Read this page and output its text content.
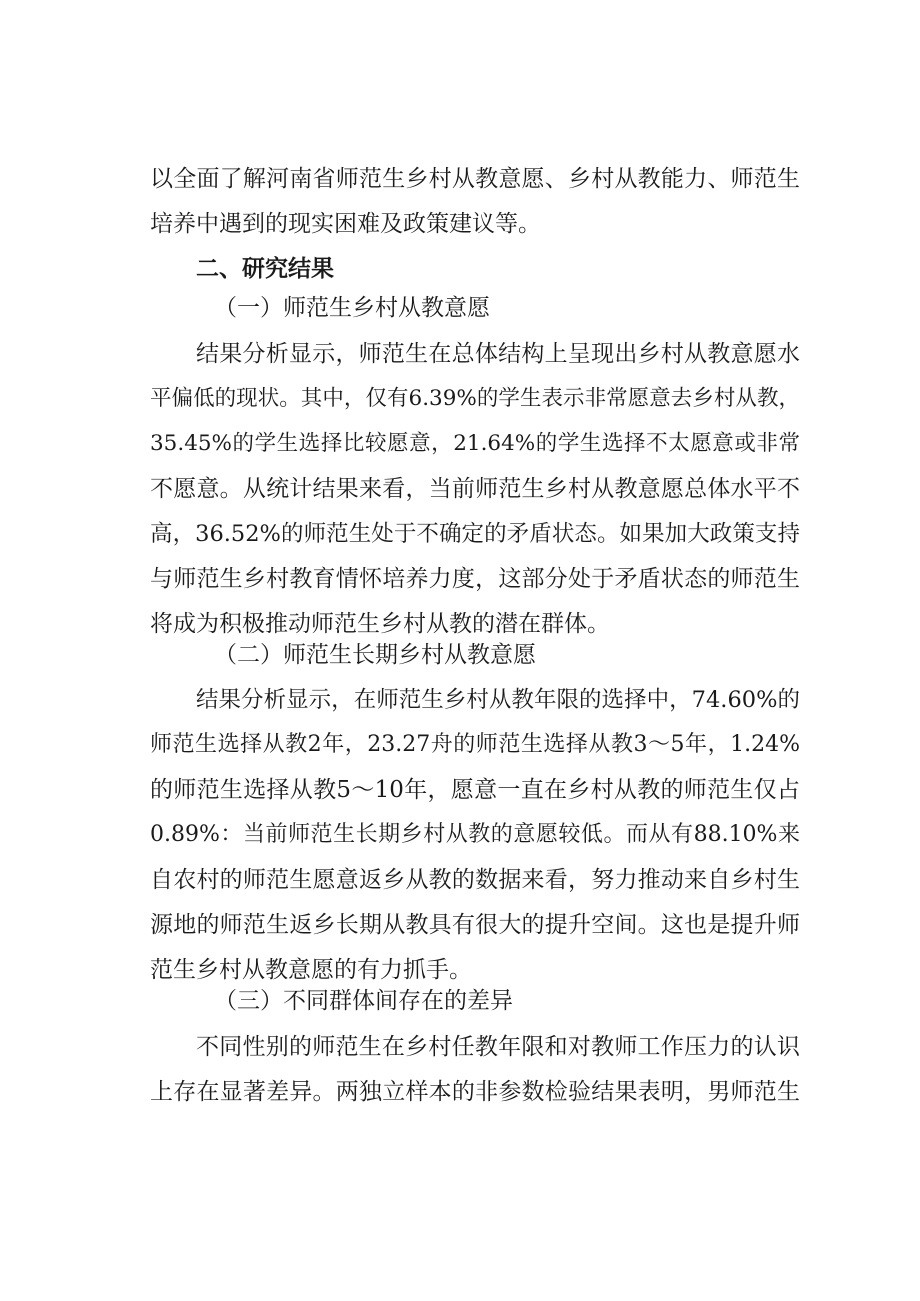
以全面了解河南省师范生乡村从教意愿、乡村从教能力、师范生
培养中遇到的现实困难及政策建议等。
二、研究结果
（一）师范生乡村从教意愿
结果分析显示，师范生在总体结构上呈现出乡村从教意愿水
平偏低的现状。其中，仅有6.39%的学生表示非常愿意去乡村从教，
35.45%的学生选择比较愿意，21.64%的学生选择不太愿意或非常
不愿意。从统计结果来看，当前师范生乡村从教意愿总体水平不
高，36.52%的师范生处于不确定的矛盾状态。如果加大政策支持
与师范生乡村教育情怀培养力度，这部分处于矛盾状态的师范生
将成为积极推动师范生乡村从教的潜在群体。
（二）师范生长期乡村从教意愿
结果分析显示，在师范生乡村从教年限的选择中，74.60%的
师范生选择从教2年，23.27舟的师范生选择从教3～5年，1.24%
的师范生选择从教5～10年，愿意一直在乡村从教的师范生仅占
0.89%：当前师范生长期乡村从教的意愿较低。而从有88.10%来
自农村的师范生愿意返乡从教的数据来看，努力推动来自乡村生
源地的师范生返乡长期从教具有很大的提升空间。这也是提升师
范生乡村从教意愿的有力抓手。
（三）不同群体间存在的差异
不同性别的师范生在乡村任教年限和对教师工作压力的认识
上存在显著差异。两独立样本的非参数检验结果表明，男师范生
